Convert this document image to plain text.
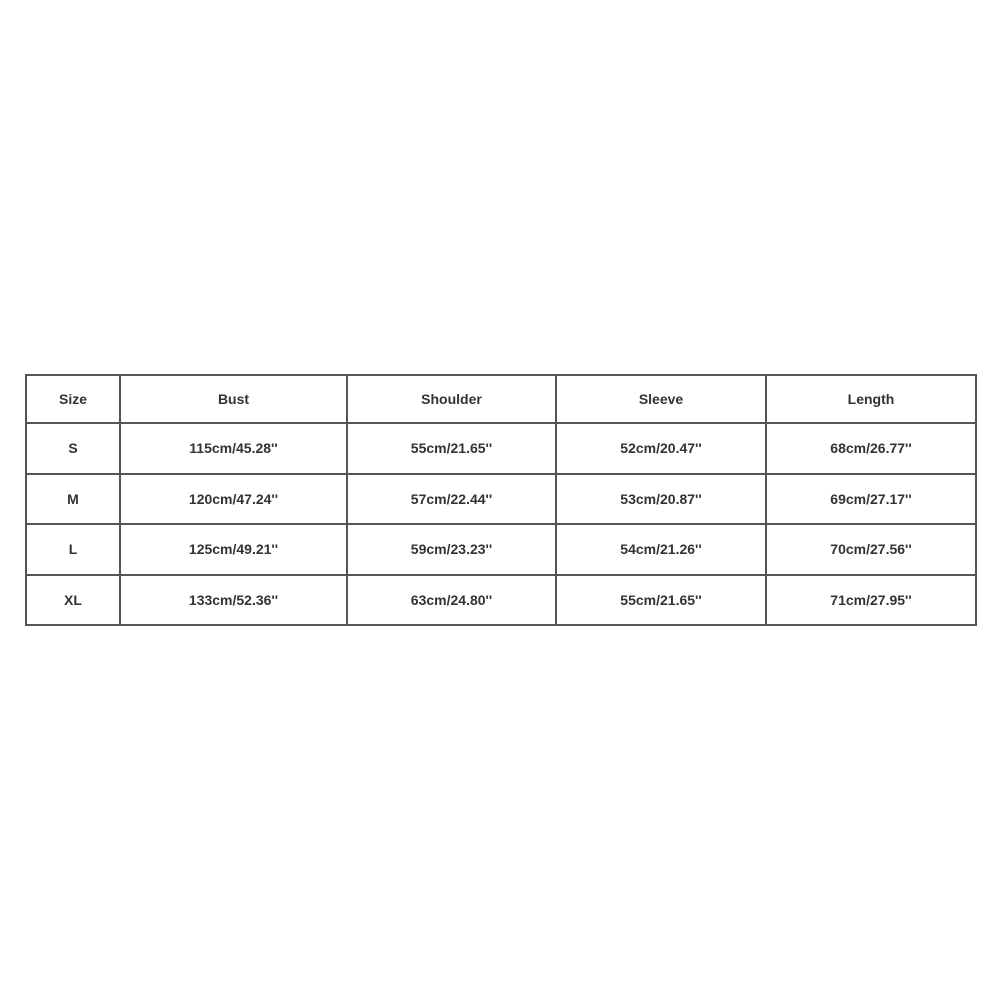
Size	Bust	Shoulder	Sleeve	Length
S	115cm/45.28''	55cm/21.65''	52cm/20.47''	68cm/26.77''
M	120cm/47.24''	57cm/22.44''	53cm/20.87''	69cm/27.17''
L	125cm/49.21''	59cm/23.23''	54cm/21.26''	70cm/27.56''
XL	133cm/52.36''	63cm/24.80''	55cm/21.65''	71cm/27.95''
